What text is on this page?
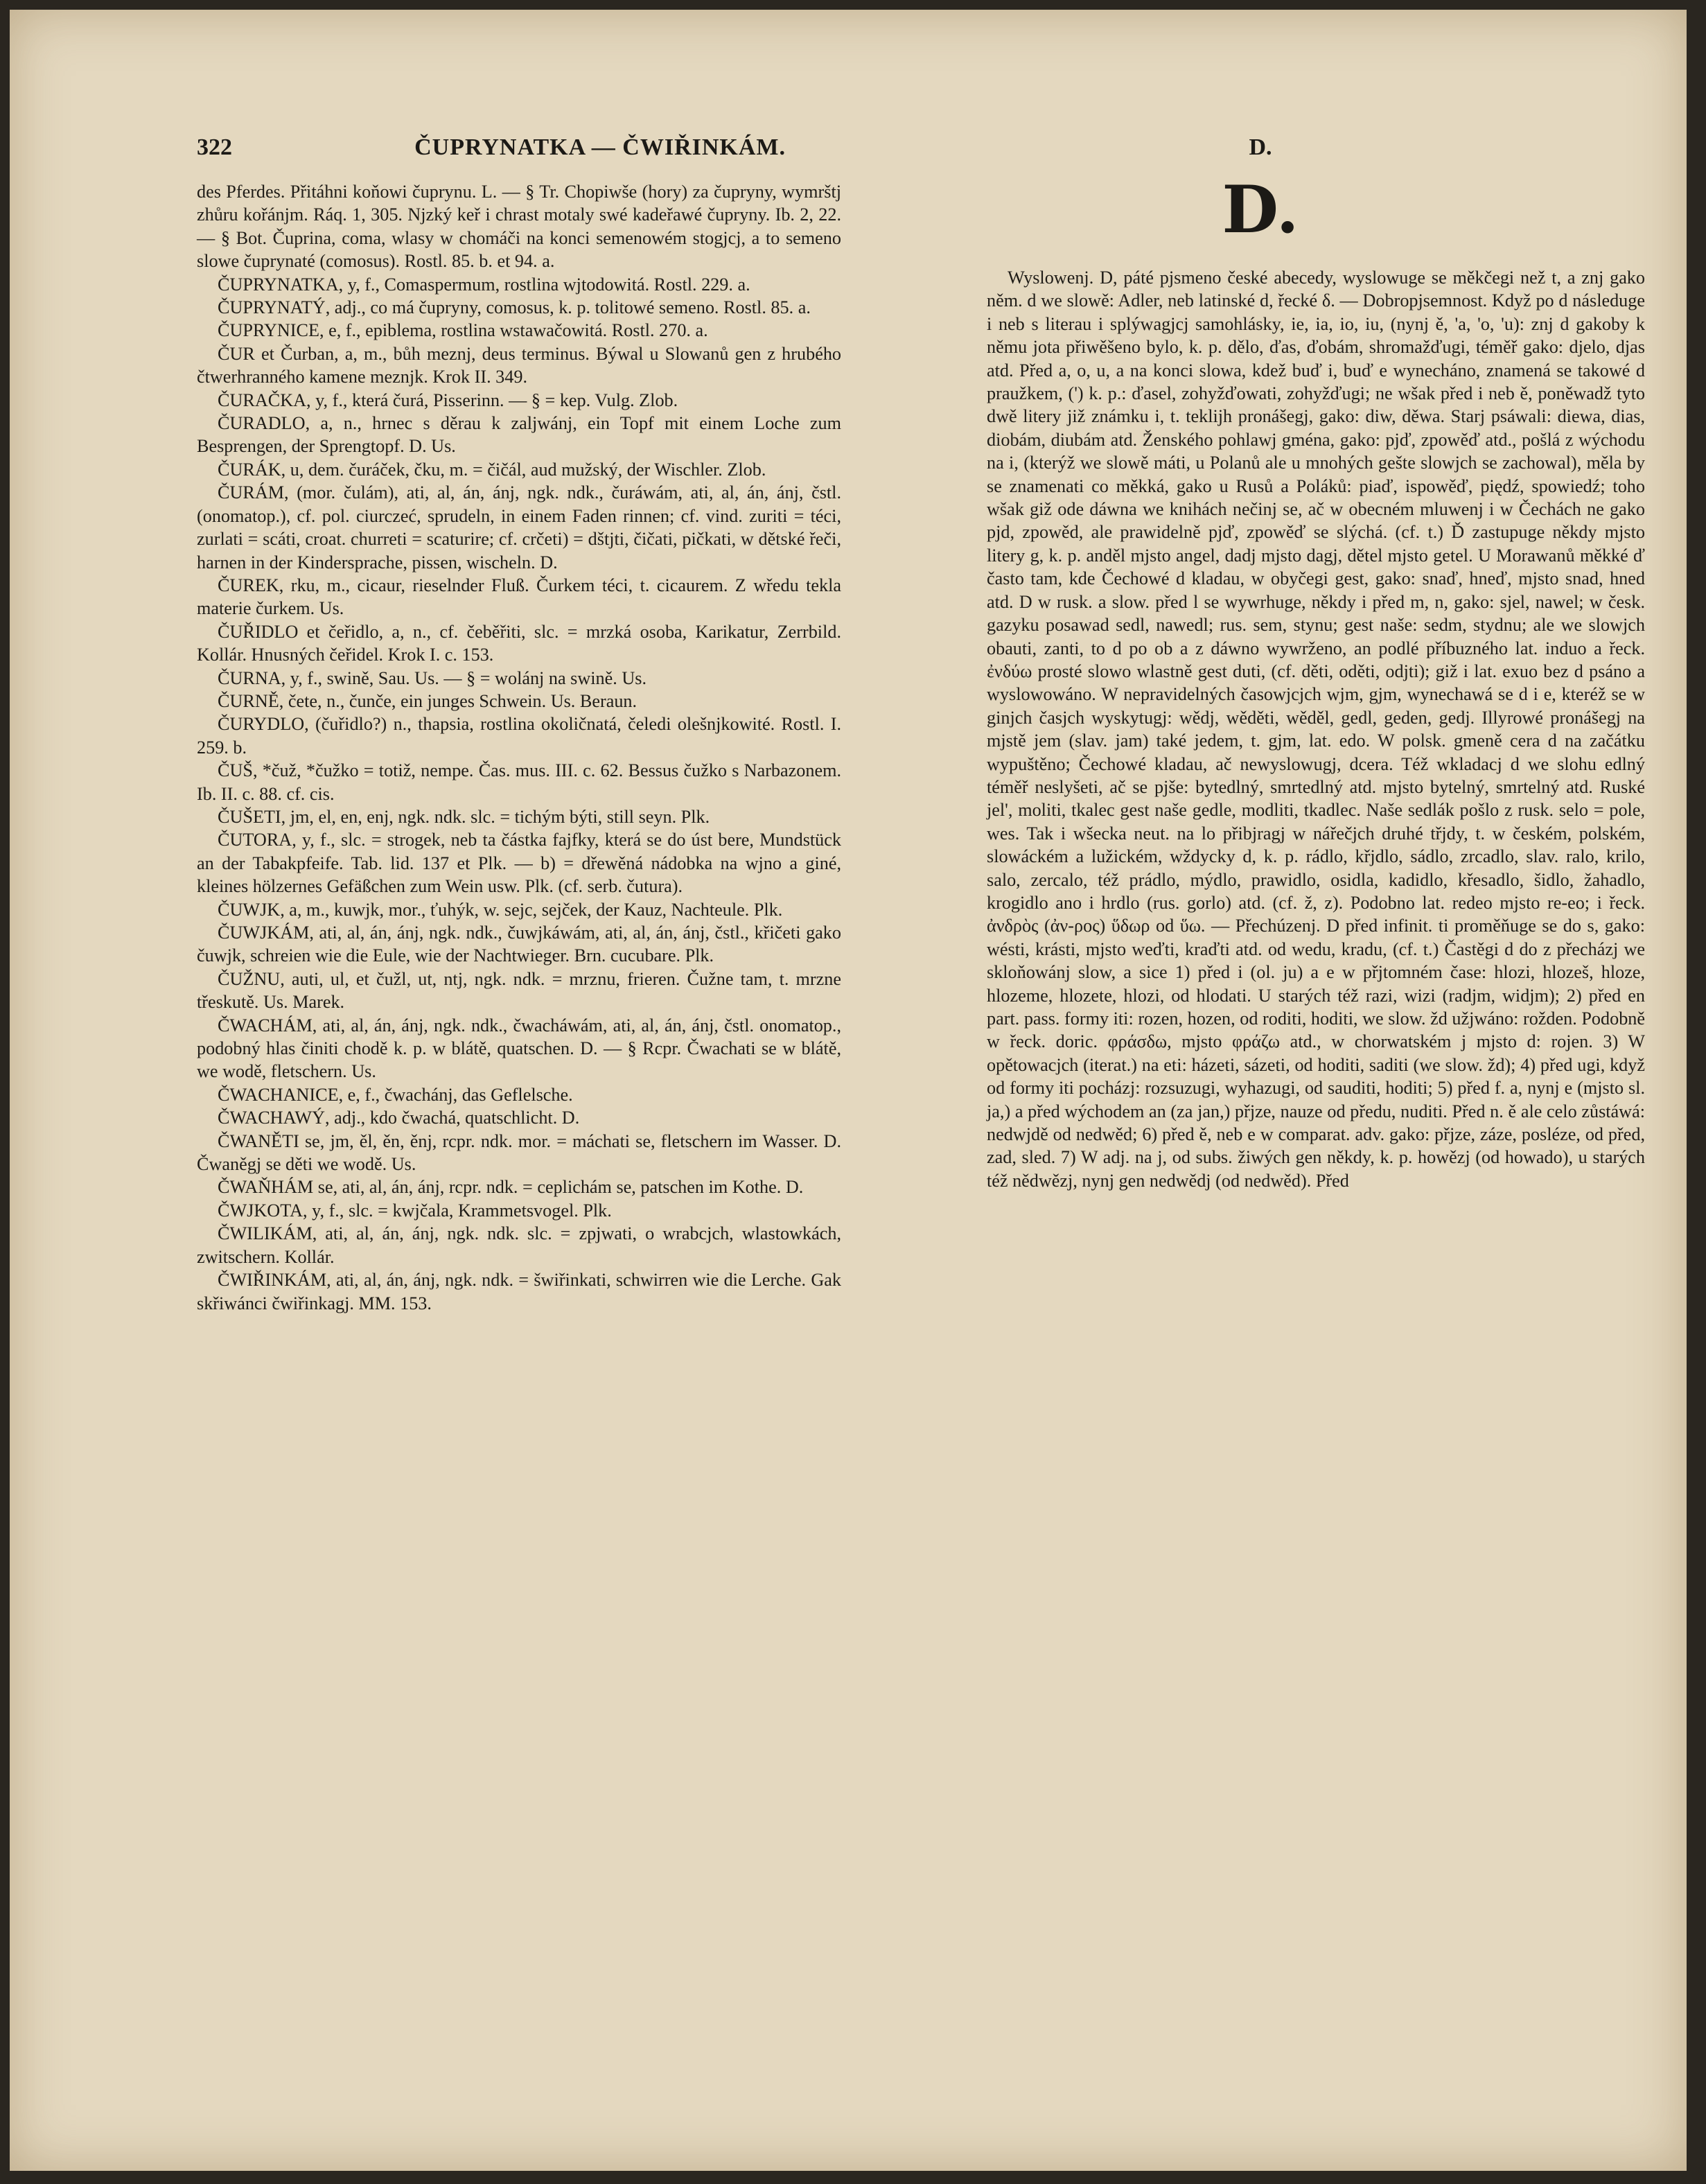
322	ČUPRYNATKA — ČWIŘINKÁM.	D.
D.

des Pferdes. Přitáhni koňowi čuprynu. L. — § Tr. Chopiwše (hory) za čupryny, wymrštj zhůru kořánjm. Ráq. 1, 305. Njzký keř i chrast motaly swé kadeřawé čupryny. Ib. 2, 22. — § Bot. Čuprina, coma, wlasy w chomáči na konci semenowém stogjcj, a to semeno slowe čuprynaté (comosus). Rostl. 85. b. et 94. a.

ČUPRYNATKA, y, f., Comaspermum, rostlina wjtodowitá. Rostl. 229. a.

ČUPRYNATÝ, adj., co má čupryny, comosus, k. p. tolitowé semeno. Rostl. 85. a.

ČUPRYNICE, e, f., epiblema, rostlina wstawačowitá. Rostl. 270. a.

ČUR et Čurban, a, m., bůh meznj, deus terminus. Býwal u Slowanů gen z hrubého čtwerhranného kamene meznjk. Krok II. 349.

ČURAČKA, y, f., která čurá, Pisserinn. — § = kep. Vulg. Zlob.

ČURADLO, a, n., hrnec s děrau k zaljwánj, ein Topf mit einem Loche zum Besprengen, der Sprengtopf. D. Us.

ČURÁK, u, dem. čuráček, čku, m. = čičál, aud mužský, der Wischler. Zlob.

ČURÁM, (mor. čulám), ati, al, án, ánj, ngk. ndk., čuráwám, ati, al, án, ánj, čstl. (onomatop.), cf. pol. ciurczeć, sprudeln, in einem Faden rinnen; cf. vind. zuriti = téci, zurlati = scáti, croat. churreti = scaturire; cf. crčeti) = dštjti, čičati, pičkati, w dětské řeči, harnen in der Kindersprache, pissen, wischeln. D.

ČUREK, rku, m., cicaur, rieselnder Fluß. Čurkem téci, t. cicaurem. Z wředu tekla materie čurkem. Us.

ČUŘIDLO et čeřidlo, a, n., cf. čeběřiti, slc. = mrzká osoba, Karikatur, Zerrbild. Kollár. Hnusných čeřidel. Krok I. c. 153.

ČURNA, y, f., swině, Sau. Us. — § = wolánj na swině. Us.

ČURNĚ, čete, n., čunče, ein junges Schwein. Us. Beraun.

ČURYDLO, (čuřidlo?) n., thapsia, rostlina okoličnatá, čeledi olešnjkowité. Rostl. I. 259. b.

ČUŠ, *čuž, *čužko = totiž, nempe. Čas. mus. III. c. 62. Bessus čužko s Narbazonem. Ib. II. c. 88. cf. cis.

ČUŠETI, jm, el, en, enj, ngk. ndk. slc. = tichým býti, still seyn. Plk.

ČUTORA, y, f., slc. = strogek, neb ta částka fajfky, která se do úst bere, Mundstück an der Tabakpfeife. Tab. lid. 137 et Plk. — b) = dřewěná nádobka na wjno a giné, kleines hölzernes Gefäßchen zum Wein usw. Plk. (cf. serb. čutura).

ČUWJK, a, m., kuwjk, mor., ťuhýk, w. sejc, sejček, der Kauz, Nachteule. Plk.

ČUWJKÁM, ati, al, án, ánj, ngk. ndk., čuwjkáwám, ati, al, án, ánj, čstl., křičeti gako čuwjk, schreien wie die Eule, wie der Nachtwieger. Brn. cucubare. Plk.

ČUŽNU, auti, ul, et čužl, ut, ntj, ngk. ndk. = mrznu, frieren. Čužne tam, t. mrzne třeskutě. Us. Marek.

ČWACHÁM, ati, al, án, ánj, ngk. ndk., čwacháwám, ati, al, án, ánj, čstl. onomatop., podobný hlas činiti chodě k. p. w blátě, quatschen. D. — § Rcpr. Čwachati se w blátě, we wodě, fletschern. Us.

ČWACHANICE, e, f., čwachánj, das Geflelsche.

ČWACHAWÝ, adj., kdo čwachá, quatschlicht. D.

ČWANĚTI se, jm, ěl, ěn, ěnj, rcpr. ndk. mor. = máchati se, fletschern im Wasser. D. Čwaněgj se děti we wodě. Us.

ČWAŇHÁM se, ati, al, án, ánj, rcpr. ndk. = ceplichám se, patschen im Kothe. D.

ČWJKOTA, y, f., slc. = kwjčala, Krammetsvogel. Plk.

ČWILIKÁM, ati, al, án, ánj, ngk. ndk. slc. = zpjwati, o wrabcjch, wlastowkách, zwitschern. Kollár.

ČWIŘINKÁM, ati, al, án, ánj, ngk. ndk. = šwiřinkati, schwirren wie die Lerche. Gak skřiwánci čwiřinkagj. MM. 153.

Wyslowenj. D, páté pjsmeno české abecedy, wyslowuge se měkčegi než t, a znj gako něm. d we slowě: Adler, neb latinské d, řecké δ. — Dobropjsemnost. Když po d následuge i neb s literau i splýwagjcj samohlásky, ie, ia, io, iu, (nynj ě, 'a, 'o, 'u): znj d gakoby k němu jota přiwěšeno bylo, k. p. dělo, ďas, ďobám, shromažďugi, téměř gako: djelo, djas atd. Před a, o, u, a na konci slowa, kdež buď i, buď e wynecháno, znamená se takowé d praužkem, (') k. p.: ďasel, zohyžďowati, zohyžďugi; ne wšak před i neb ě, poněwadž tyto dwě litery již známku i, t. teklijh pronášegj, gako: diw, děwa. Starj psáwali: diewa, dias, diobám, diubám atd. Ženského pohlawj gména, gako: pjď, zpowěď atd., pošlá z wýchodu na i, (kterýž we slowě máti, u Polanů ale u mnohých gešte slowjch se zachowal), měla by se znamenati co měkká, gako u Rusů a Poláků: piaď, ispowěď, piędź, spowiedź; toho wšak giž ode dáwna we knihách nečinj se, ač w obecném mluwenj i w Čechách ne gako pjd, zpowěd, ale prawidelně pjď, zpowěď se slýchá. (cf. t.) Ď zastupuge někdy mjsto litery g, k. p. anděl mjsto angel, dadj mjsto dagj, dětel mjsto getel. U Morawanů měkké ď často tam, kde Čechowé d kladau, w obyčegi gest, gako: snaď, hneď, mjsto snad, hned atd. D w rusk. a slow. před l se wywrhuge, někdy i před m, n, gako: sjel, nawel; w česk. gazyku posawad sedl, nawedl; rus. sem, stynu; gest naše: sedm, stydnu; ale we slowjch obauti, zanti, to d po ob a z dáwno wywrženo, an podlé příbuzného lat. induo a řeck. ἐνδύω prosté slowo wlastně gest duti, (cf. děti, oděti, odjti); giž i lat. exuo bez d psáno a wyslowowáno. W nepravidelných časowjcjch wjm, gjm, wynechawá se d i e, kteréž se w ginjch časjch wyskytugj: wědj, wěděti, wěděl, gedl, geden, gedj. Illyrowé pronášegj na mjstě jem (slav. jam) také jedem, t. gjm, lat. edo. W polsk. gmeně cera d na začátku wypuštěno; Čechowé kladau, ač newyslowugj, dcera. Též wkladacj d we slohu edlný téměř neslyšeti, ač se pjše: bytedlný, smrtedlný atd. mjsto bytelný, smrtelný atd. Ruské jel', moliti, tkalec gest naše gedle, modliti, tkadlec. Naše sedlák pošlo z rusk. selo = pole, wes. Tak i wšecka neut. na lo přibjragj w nářečjch druhé třjdy, t. w českém, polském, slowáckém a lužickém, wždycky d, k. p. rádlo, křjdlo, sádlo, zrcadlo, slav. ralo, krilo, salo, zercalo, též prádlo, mýdlo, prawidlo, osidla, kadidlo, křesadlo, šidlo, žahadlo, krogidlo ano i hrdlo (rus. gorlo) atd. (cf. ž, z). Podobno lat. redeo mjsto re-eo; i řeck. ἀνδρὸς (ἀν-ρος) ὕδωρ od ὕω. — Přechúzenj. D před infinit. ti proměňuge se do s, gako: wésti, krásti, mjsto weďti, kraďti atd. od wedu, kradu, (cf. t.) Častěgi d do z přecházj we skloňowánj slow, a sice 1) před i (ol. ju) a e w přjtomném čase: hlozi, hlozeš, hloze, hlozeme, hlozete, hlozi, od hlodati. U starých též razi, wizi (radjm, widjm); 2) před en part. pass. formy iti: rozen, hozen, od roditi, hoditi, we slow. žd užjwáno: rožden. Podobně w řeck. doric. φράσδω, mjsto φράζω atd., w chorwatském j mjsto d: rojen. 3) W opětowacjch (iterat.) na eti: házeti, sázeti, od hoditi, saditi (we slow. žd); 4) před ugi, když od formy iti pocházj: rozsuzugi, wyhazugi, od sauditi, hoditi; 5) před f. a, nynj e (mjsto sl. ja,) a před wýchodem an (za jan,) přjze, nauze od předu, nuditi. Před n. ě ale celo zůstáwá: nedwjdě od nedwěd; 6) před ě, neb e w comparat. adv. gako: přjze, záze, posléze, od před, zad, sled. 7) W adj. na j, od subs. žiwých gen někdy, k. p. howězj (od howado), u starých též nědwězj, nynj gen nedwědj (od nedwěd). Před
